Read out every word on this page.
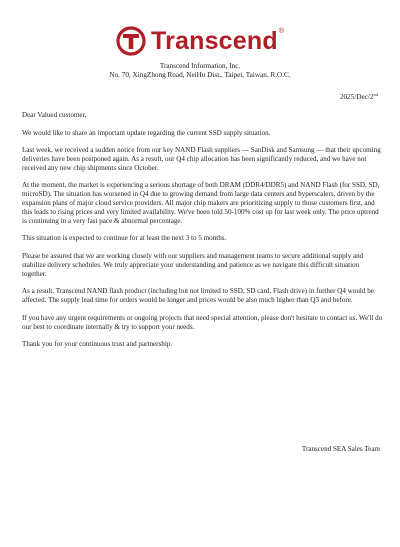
Transcend ®
Transcend Information, Inc.
No. 70, XingZhong Road, NeiHu Dist., Taipei, Taiwan, R.O.C.
2025/Dec/2nd

Dear Valued customer,

We would like to share an important update regarding the current SSD supply situation.

Last week, we received a sudden notice from our key NAND Flash suppliers — SanDisk and Samsung — that their upcoming deliveries have been postponed again. As a result, our Q4 chip allocation has been significantly reduced, and we have not received any new chip shipments since October.

At the moment, the market is experiencing a serious shortage of both DRAM (DDR4/DDR5) and NAND Flash (for SSD, SD, microSD). The situation has worsened in Q4 due to growing demand from large data centers and hyperscalers, driven by the expansion plans of major cloud service providers. All major chip makers are prioritizing supply to those customers first, and this leads to rising prices and very limited availability. We've been told 50-100% cost up for last week only. The price uptrend is continuing in a very fast pace & abnormal percentage.

This situation is expected to continue for at least the next 3 to 5 months.

Please be assured that we are working closely with our suppliers and management teams to secure additional supply and stabilize delivery schedules. We truly appreciate your understanding and patience as we navigate this difficult situation together.

As a result, Transcend NAND flash product (including but not limited to SSD, SD card, Flash drive) in further Q4 would be affected. The supply lead time for orders would be longer and prices would be also much higher than Q3 and before.

If you have any urgent requirements or ongoing projects that need special attention, please don't hesitate to contact us. We'll do our best to coordinate internally & try to support your needs.

Thank you for your continuous trust and partnership.

Transcend SEA Sales Team
